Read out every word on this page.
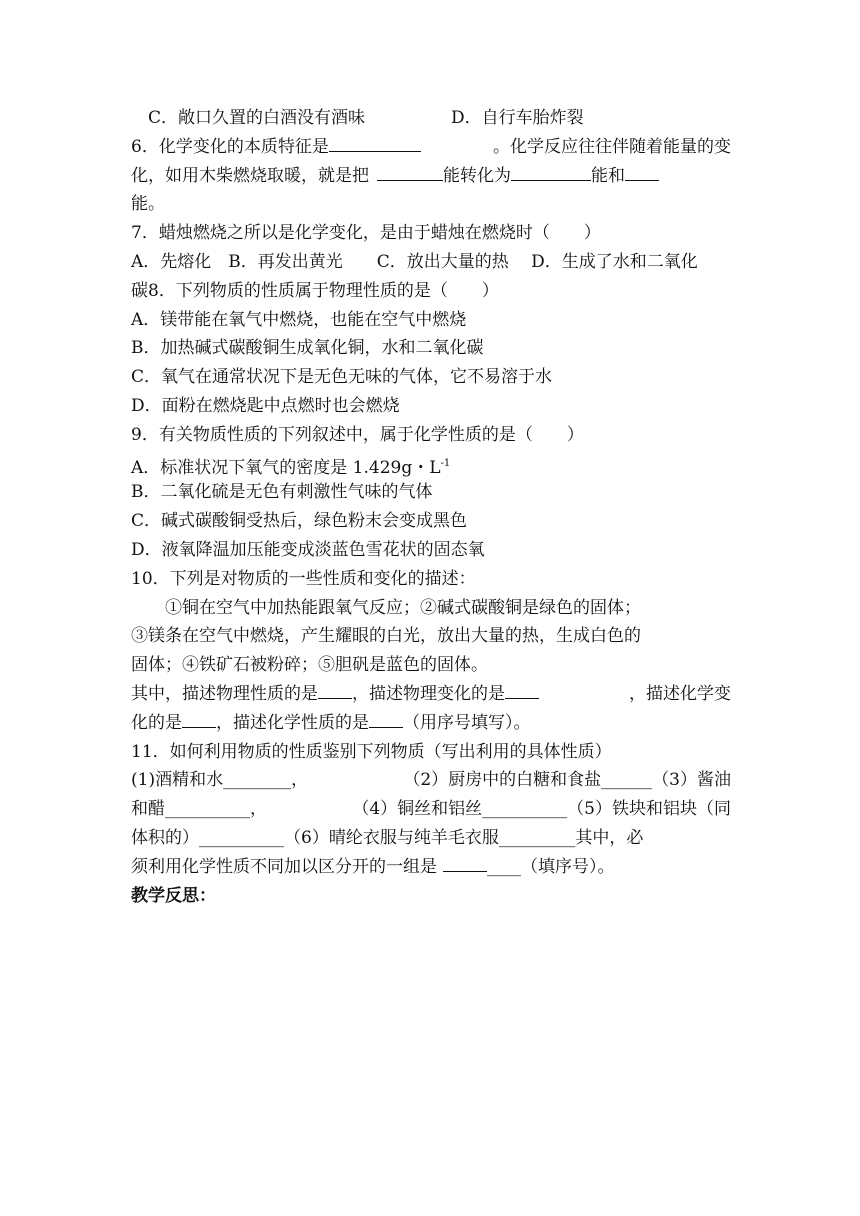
C．敞口久置的白酒没有酒味	D．自行车胎炸裂
6．化学变化的本质特征是	。化学反应往往伴随着能量的变
化，如用木柴燃烧取暖，就是把	能转化为	能和
能。
7．蜡烛燃烧之所以是化学变化，是由于蜡烛在燃烧时（　　）
A．先熔化　B．再发出黄光　　C．放出大量的热　 D．生成了水和二氧化
碳8．下列物质的性质属于物理性质的是（　　）
A．镁带能在氧气中燃烧，也能在空气中燃烧
B．加热碱式碳酸铜生成氧化铜，水和二氧化碳
C．氧气在通常状况下是无色无味的气体，它不易溶于水
D．面粉在燃烧匙中点燃时也会燃烧
9．有关物质性质的下列叙述中，属于化学性质的是（　　）
A．标准状况下氧气的密度是 1.429g・$L^{-1}$
B．二氧化硫是无色有刺激性气味的气体
C．碱式碳酸铜受热后，绿色粉末会变成黑色
D．液氧降温加压能变成淡蓝色雪花状的固态氧
10．下列是对物质的一些性质和变化的描述：
①铜在空气中加热能跟氧气反应；②碱式碳酸铜是绿色的固体；
③镁条在空气中燃烧，产生耀眼的白光，放出大量的热，生成白色的
固体；④铁矿石被粉碎；⑤胆矾是蓝色的固体。
其中，描述物理性质的是 ，描述物理变化的是	，描述化学变
化的是 ，描述化学性质的是 （用序号填写）。
11．如何利用物质的性质鉴别下列物质（写出利用的具体性质）
(1)酒精和水________，	（2）厨房中的白糖和食盐______（3）酱油
和醋__________，	（4）铜丝和铝丝__________（5）铁块和铝块（同
体积的）__________（6）晴纶衣服与纯羊毛衣服_________其中，必
须利用化学性质不同加以区分开的一组是	____（填序号）。
教学反思：
